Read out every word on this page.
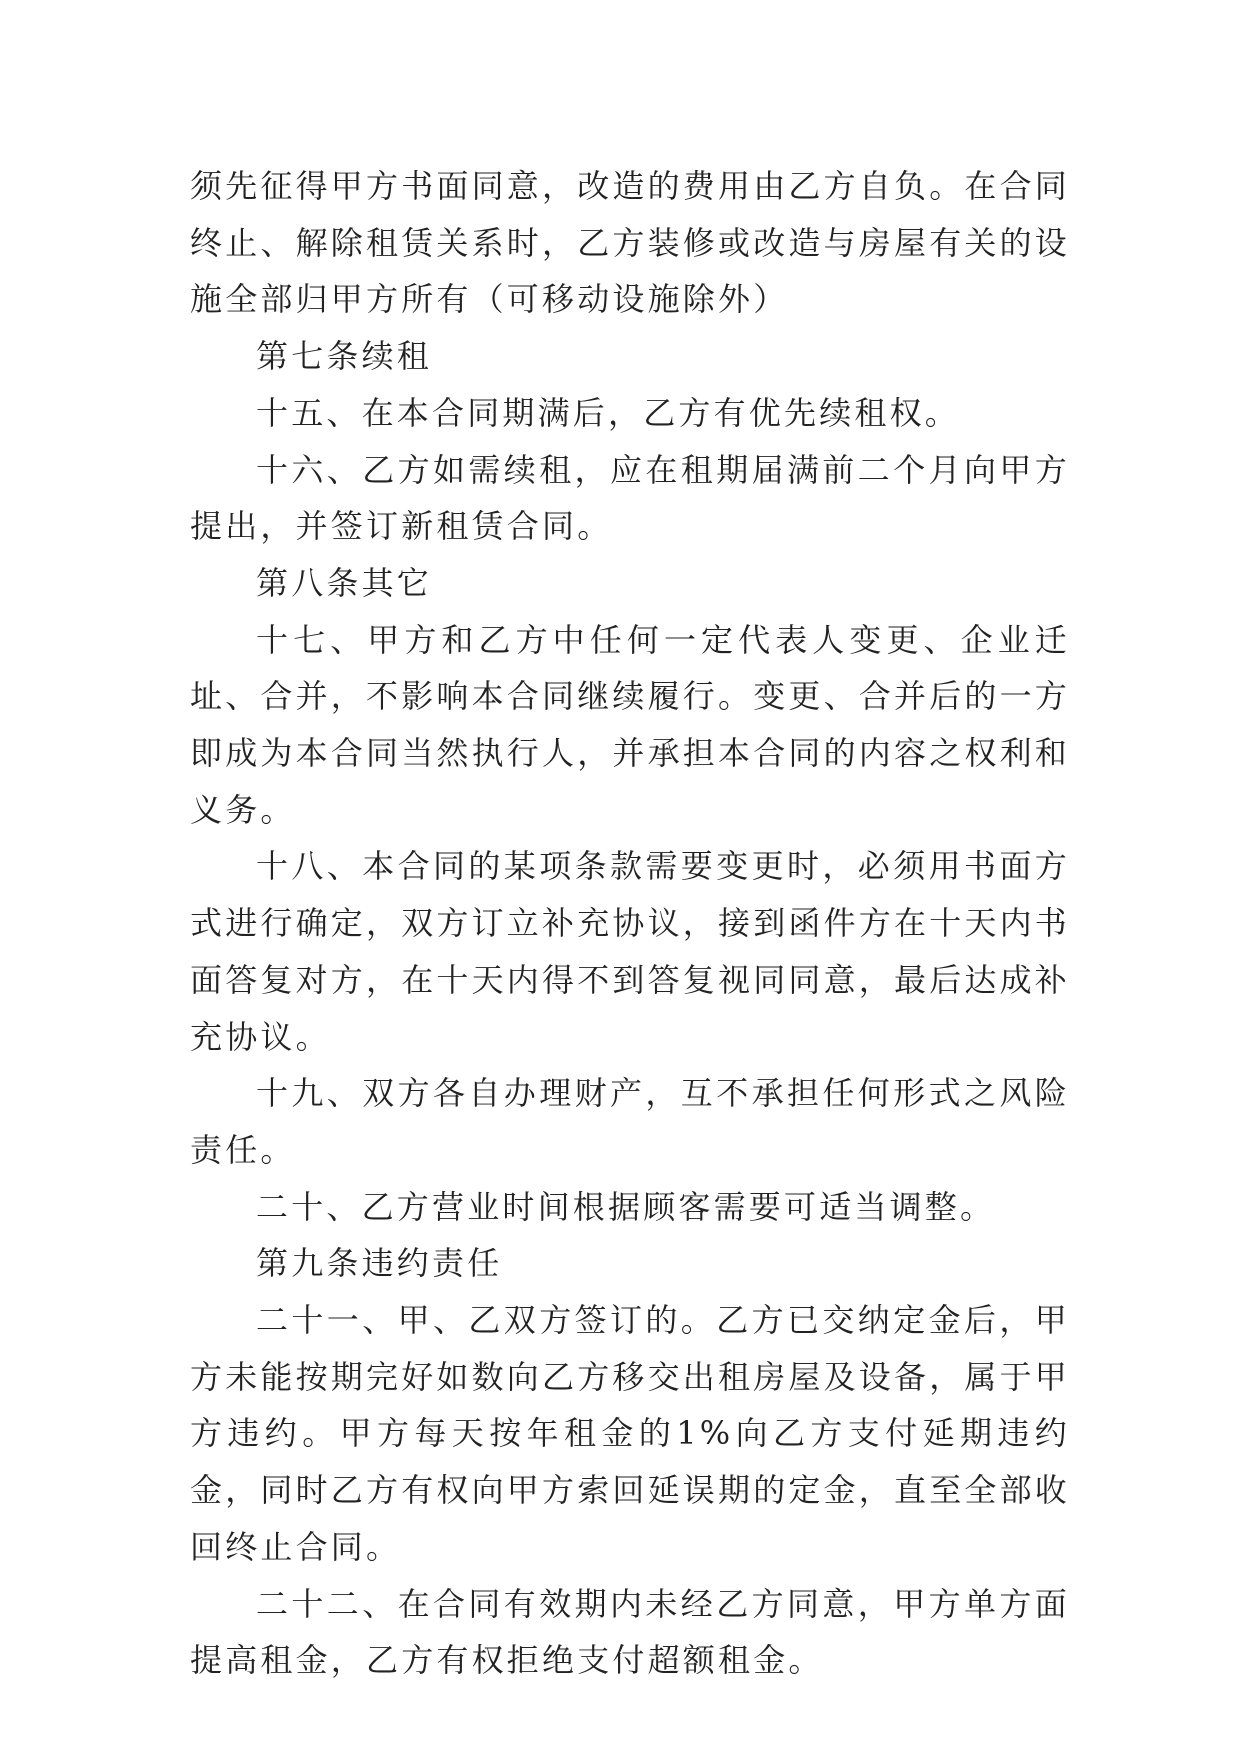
须先征得甲方书面同意，改造的费用由乙方自负。在合同终止、解除租赁关系时，乙方装修或改造与房屋有关的设施全部归甲方所有（可移动设施除外）

第七条续租

十五、在本合同期满后，乙方有优先续租权。

十六、乙方如需续租，应在租期届满前二个月向甲方提出，并签订新租赁合同。

第八条其它

十七、甲方和乙方中任何一定代表人变更、企业迁址、合并，不影响本合同继续履行。变更、合并后的一方即成为本合同当然执行人，并承担本合同的内容之权利和义务。

十八、本合同的某项条款需要变更时，必须用书面方式进行确定，双方订立补充协议，接到函件方在十天内书面答复对方，在十天内得不到答复视同同意，最后达成补充协议。

十九、双方各自办理财产，互不承担任何形式之风险责任。

二十、乙方营业时间根据顾客需要可适当调整。

第九条违约责任

二十一、甲、乙双方签订的。乙方已交纳定金后，甲方未能按期完好如数向乙方移交出租房屋及设备，属于甲方违约。甲方每天按年租金的1%向乙方支付延期违约金，同时乙方有权向甲方索回延误期的定金，直至全部收回终止合同。

二十二、在合同有效期内未经乙方同意，甲方单方面提高租金，乙方有权拒绝支付超额租金。
